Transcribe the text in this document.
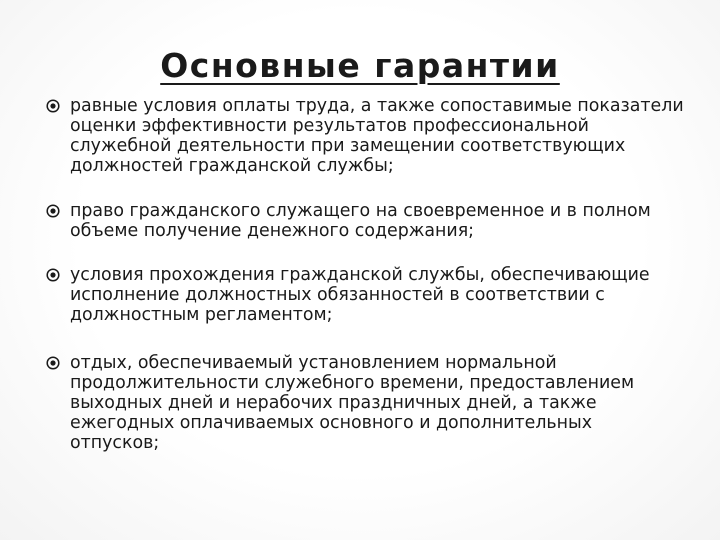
Основные гарантии
равные условия оплаты труда, а также сопоставимые показатели оценки эффективности результатов профессиональной служебной деятельности при замещении соответствующих должностей гражданской службы;
право гражданского служащего на своевременное и в полном объеме получение денежного содержания;
условия прохождения гражданской службы, обеспечивающие исполнение должностных обязанностей в соответствии с должностным регламентом;
отдых, обеспечиваемый установлением нормальной продолжительности служебного времени, предоставлением выходных дней и нерабочих праздничных дней, а также ежегодных оплачиваемых основного и дополнительных отпусков;
